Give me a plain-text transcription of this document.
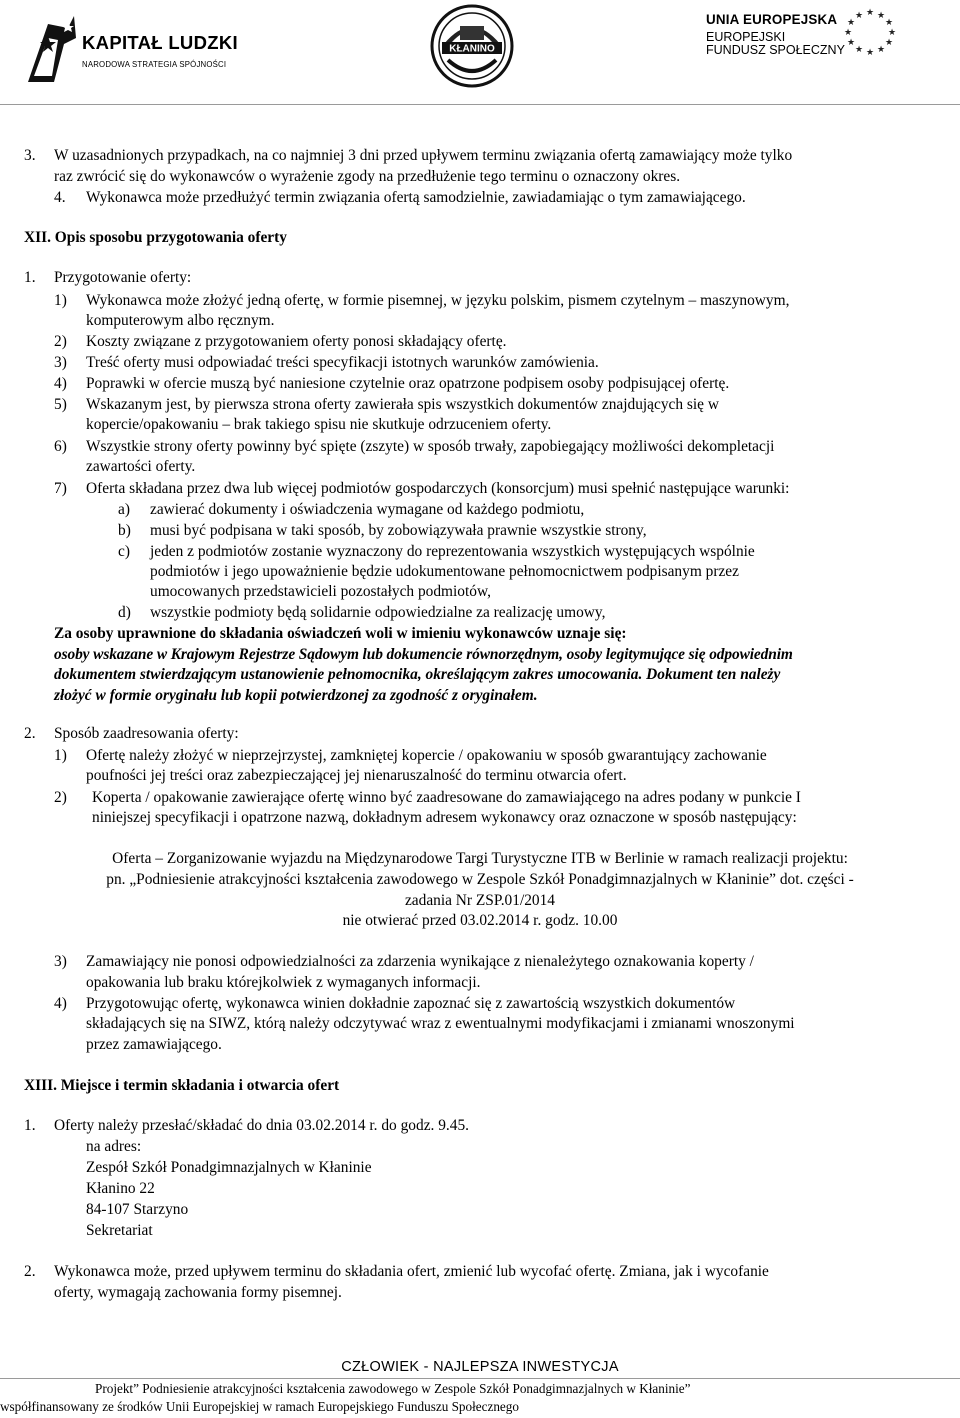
KAPITAŁ LUDZKI
NARODOWA STRATEGIA SPÓJNOŚCI
KŁANINO
UNIA EUROPEJSKA
EUROPEJSKI
FUNDUSZ SPOŁECZNY
★ ★
★
★
★
★
★
★
★
★
★
★
3. W uzasadnionych przypadkach, na co najmniej 3 dni przed upływem terminu związania ofertą zamawiający może tylko
raz zwrócić się do wykonawców o wyrażenie zgody na przedłużenie tego terminu o oznaczony okres.
4. Wykonawca może przedłużyć termin związania ofertą samodzielnie, zawiadamiając o tym zamawiającego.
XII. Opis sposobu przygotowania oferty
1. Przygotowanie oferty:
1) Wykonawca może złożyć jedną ofertę, w formie pisemnej, w języku polskim, pismem czytelnym – maszynowym,
komputerowym albo ręcznym.
2) Koszty związane z przygotowaniem oferty ponosi składający ofertę.
3) Treść oferty musi odpowiadać treści specyfikacji istotnych warunków zamówienia.
4) Poprawki w ofercie muszą być naniesione czytelnie oraz opatrzone podpisem osoby podpisującej ofertę.
5) Wskazanym jest, by pierwsza strona oferty zawierała spis wszystkich dokumentów znajdujących się w
kopercie/opakowaniu – brak takiego spisu nie skutkuje odrzuceniem oferty.
6) Wszystkie strony oferty powinny być spięte (zszyte) w sposób trwały, zapobiegający możliwości dekompletacji
zawartości oferty.
7) Oferta składana przez dwa lub więcej podmiotów gospodarczych (konsorcjum) musi spełnić następujące warunki:
a) zawierać dokumenty i oświadczenia wymagane od każdego podmiotu,
b) musi być podpisana w taki sposób, by zobowiązywała prawnie wszystkie strony,
c) jeden z podmiotów zostanie wyznaczony do reprezentowania wszystkich występujących wspólnie
podmiotów i jego upoważnienie będzie udokumentowane pełnomocnictwem podpisanym przez
umocowanych przedstawicieli pozostałych podmiotów,
d) wszystkie podmioty będą solidarnie odpowiedzialne za realizację umowy,
Za osoby uprawnione do składania oświadczeń woli w imieniu wykonawców uznaje się:
osoby wskazane w Krajowym Rejestrze Sądowym lub dokumencie równorzędnym, osoby legitymujące się odpowiednim
dokumentem stwierdzającym ustanowienie pełnomocnika, określającym zakres umocowania. Dokument ten należy
złożyć w formie oryginału lub kopii potwierdzonej za zgodność z oryginałem.
2. Sposób zaadresowania oferty:
1) Ofertę należy złożyć w nieprzejrzystej, zamkniętej kopercie / opakowaniu w sposób gwarantujący zachowanie
poufności jej treści oraz zabezpieczającej jej nienaruszalność do terminu otwarcia ofert.
2) Koperta / opakowanie zawierające ofertę winno być zaadresowane do zamawiającego na adres podany w punkcie I
niniejszej specyfikacji i opatrzone nazwą, dokładnym adresem wykonawcy oraz oznaczone w sposób następujący:
Oferta – Zorganizowanie wyjazdu na Międzynarodowe Targi Turystyczne ITB w Berlinie w ramach realizacji projektu:
pn. „Podniesienie atrakcyjności kształcenia zawodowego w Zespole Szkół Ponadgimnazjalnych w Kłaninie” dot. części -
zadania Nr ZSP.01/2014
nie otwierać przed 03.02.2014 r. godz. 10.00
3) Zamawiający nie ponosi odpowiedzialności za zdarzenia wynikające z nienależytego oznakowania koperty /
opakowania lub braku którejkolwiek z wymaganych informacji.
4) Przygotowując ofertę, wykonawca winien dokładnie zapoznać się z zawartością wszystkich dokumentów
składających się na SIWZ, którą należy odczytywać wraz z ewentualnymi modyfikacjami i zmianami wnoszonymi
przez zamawiającego.
XIII. Miejsce i termin składania i otwarcia ofert
1. Oferty należy przesłać/składać do dnia 03.02.2014 r. do godz. 9.45.
na adres:
Zespół Szkół Ponadgimnazjalnych w Kłaninie
Kłanino 22
84-107 Starzyno
Sekretariat
2. Wykonawca może, przed upływem terminu do składania ofert, zmienić lub wycofać ofertę. Zmiana, jak i wycofanie
oferty, wymagają zachowania formy pisemnej.
CZŁOWIEK - NAJLEPSZA INWESTYCJA
Projekt” Podniesienie atrakcyjności kształcenia zawodowego w Zespole Szkół Ponadgimnazjalnych w Kłaninie”
współfinansowany ze środków Unii Europejskiej w ramach Europejskiego Funduszu Społecznego
